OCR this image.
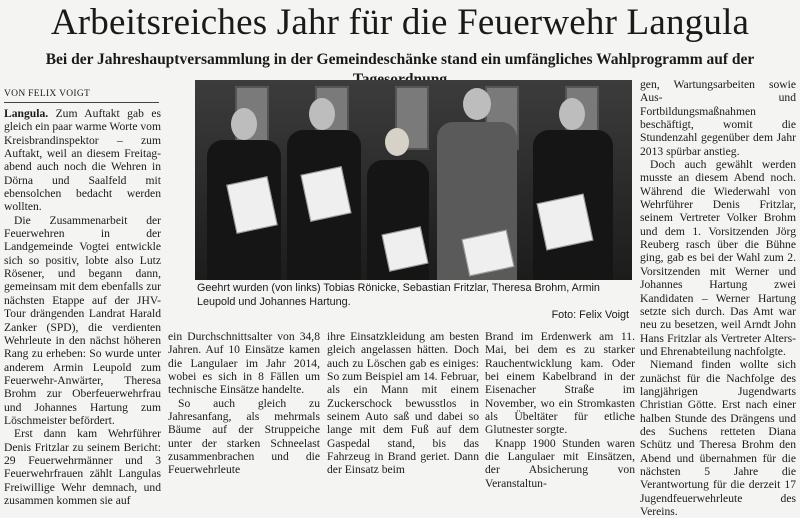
Arbeitsreiches Jahr für die Feuerwehr Langula
Bei der Jahreshauptversammlung in der Gemeindeschänke stand ein umfängliches Wahlprogramm auf der
VON FELIX VOIGT

Langula. Zum Auftakt gab es gleich ein paar warme Worte vom Kreisbrandinspektor – zum Auftakt, weil an diesem Freitag-abend auch noch die Wehren in Dörna und Saalfeld mit ebensolchen bedacht werden wollten.

Die Zusammenarbeit der Feuerwehren in der Landgemeinde Vogtei entwickle sich so positiv, lobte also Lutz Rösener, und begann dann, gemeinsam mit dem ebenfalls zur nächsten Etappe auf der JHV-Tour drängenden Landrat Harald Zanker (SPD), die verdienten Wehrleute in den nächst höheren Rang zu erheben: So wurde unter anderem Armin Leupold zum Feuerwehr-Anwärter, Theresa Brohm zur Oberfeuerwehrfrau und Johannes Hartung zum Löschmeister befördert.

Erst dann kam Wehrführer Denis Fritzlar zu seinem Bericht: 29 Feuerwehrmänner und 3 Feuerwehrfrauen zählt Langulas Freiwillige Wehr demnach, und zusammen kommen sie auf

Geehrt wurden (von links) Tobias Rönicke, Sebastian Fritzlar, Theresa Brohm, Armin Leupold und Johannes Hartung.
Foto: Felix Voigt

ein Durchschnittsalter von 34,8 Jahren. Auf 10 Einsätze kamen die Langulaer im Jahr 2014, wobei es sich in 8 Fällen um technische Einsätze handelte.

So auch gleich zu Jahresanfang, als mehrmals Bäume auf der Struppeiche unter der starken Schneelast zusammenbrachen und die Feuerwehrleute

ihre Einsatzkleidung am besten gleich angelassen hätten. Doch auch zu Löschen gab es einiges: So zum Beispiel am 14. Februar, als ein Mann mit einem Zuckerschock bewusstlos in seinem Auto saß und dabei so lange mit dem Fuß auf dem Gaspedal stand, bis das Fahrzeug in Brand geriet. Dann der Einsatz beim

Brand im Erdenwerk am 11. Mai, bei dem es zu starker Rauchentwicklung kam. Oder bei einem Kabelbrand in der Eisenacher Straße im November, wo ein Stromkasten als Übeltäter für etliche Glutnester sorgte.

Knapp 1900 Stunden waren die Langulaer mit Einsätzen, der Absicherung von Veranstaltun-

gen, Wartungsarbeiten sowie Aus- und Fortbildungsmaßnahmen beschäftigt, womit die Stundenzahl gegenüber dem Jahr 2013 spürbar anstieg.

Doch auch gewählt werden musste an diesem Abend noch. Während die Wiederwahl von Wehrführer Denis Fritzlar, seinem Vertreter Volker Brohm und dem 1. Vorsitzenden Jörg Reuberg rasch über die Bühne ging, gab es bei der Wahl zum 2. Vorsitzenden mit Werner und Johannes Hartung zwei Kandidaten – Werner Hartung setzte sich durch. Das Amt war neu zu besetzen, weil Arndt John Hans Fritzlar als Vertreter Alters- und Ehrenabteilung nachfolgte.

Niemand finden wollte sich zunächst für die Nachfolge des langjährigen Jugendwarts Christian Götte. Erst nach einer halben Stunde des Drängens und des Suchens retteten Diana Schütz und Theresa Brohm den Abend und übernahmen für die nächsten 5 Jahre die Verantwortung für die derzeit 17 Jugendfeuerwehrleute des Vereins.
